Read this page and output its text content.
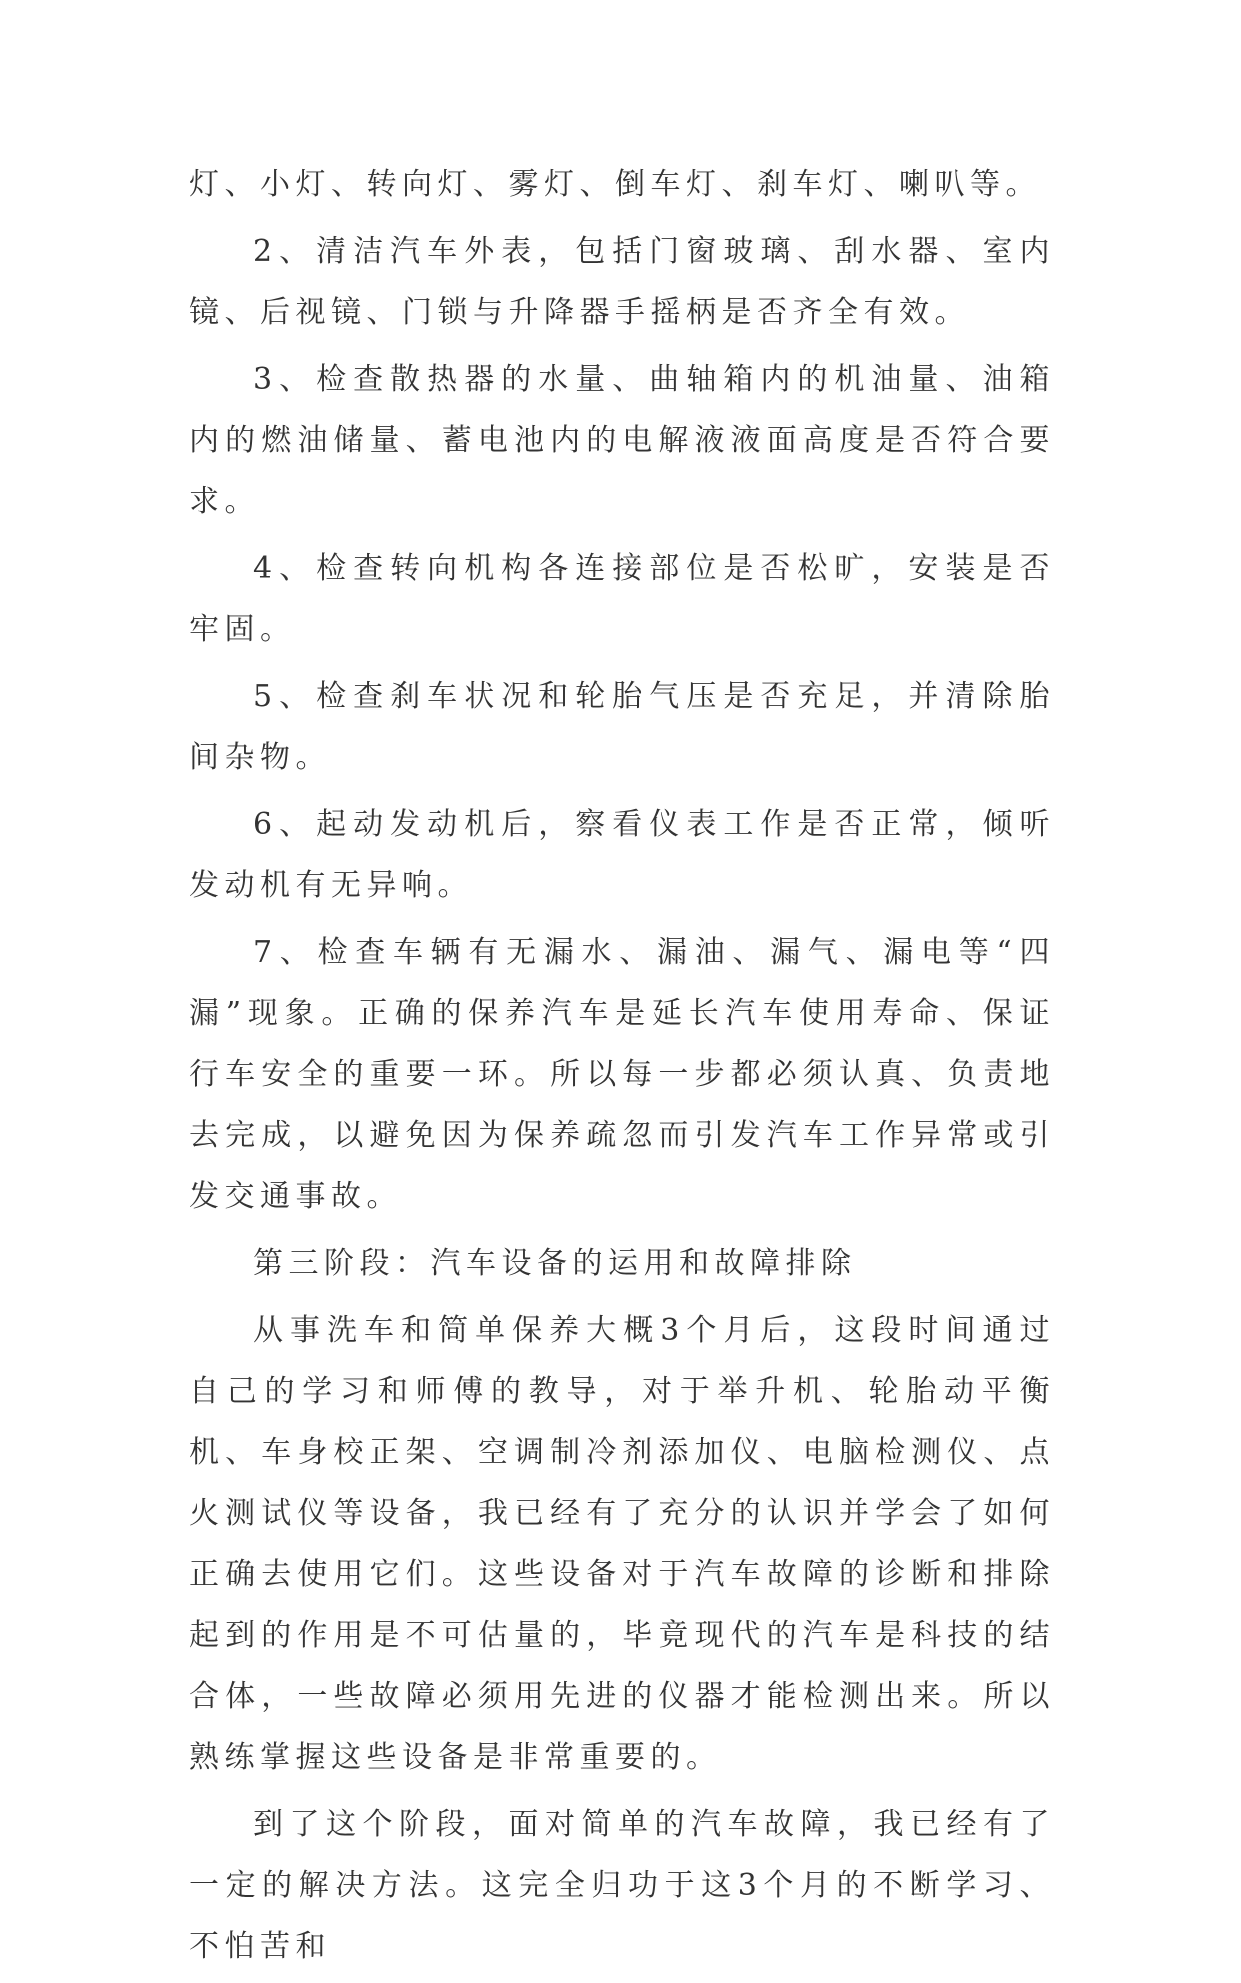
灯、小灯、转向灯、雾灯、倒车灯、刹车灯、喇叭等。

2、清洁汽车外表，包括门窗玻璃、刮水器、室内镜、后视镜、门锁与升降器手摇柄是否齐全有效。

3、检查散热器的水量、曲轴箱内的机油量、油箱内的燃油储量、蓄电池内的电解液液面高度是否符合要求。

4、检查转向机构各连接部位是否松旷，安装是否牢固。

5、检查刹车状况和轮胎气压是否充足，并清除胎间杂物。

6、起动发动机后，察看仪表工作是否正常，倾听发动机有无异响。

7、检查车辆有无漏水、漏油、漏气、漏电等“四漏”现象。正确的保养汽车是延长汽车使用寿命、保证行车安全的重要一环。所以每一步都必须认真、负责地去完成，以避免因为保养疏忽而引发汽车工作异常或引发交通事故。

第三阶段：汽车设备的运用和故障排除

从事洗车和简单保养大概3个月后，这段时间通过自己的学习和师傅的教导，对于举升机、轮胎动平衡机、车身校正架、空调制冷剂添加仪、电脑检测仪、点火测试仪等设备，我已经有了充分的认识并学会了如何正确去使用它们。这些设备对于汽车故障的诊断和排除起到的作用是不可估量的，毕竟现代的汽车是科技的结合体，一些故障必须用先进的仪器才能检测出来。所以熟练掌握这些设备是非常重要的。

到了这个阶段，面对简单的汽车故障，我已经有了一定的解决方法。这完全归功于这3个月的不断学习、不怕苦和
